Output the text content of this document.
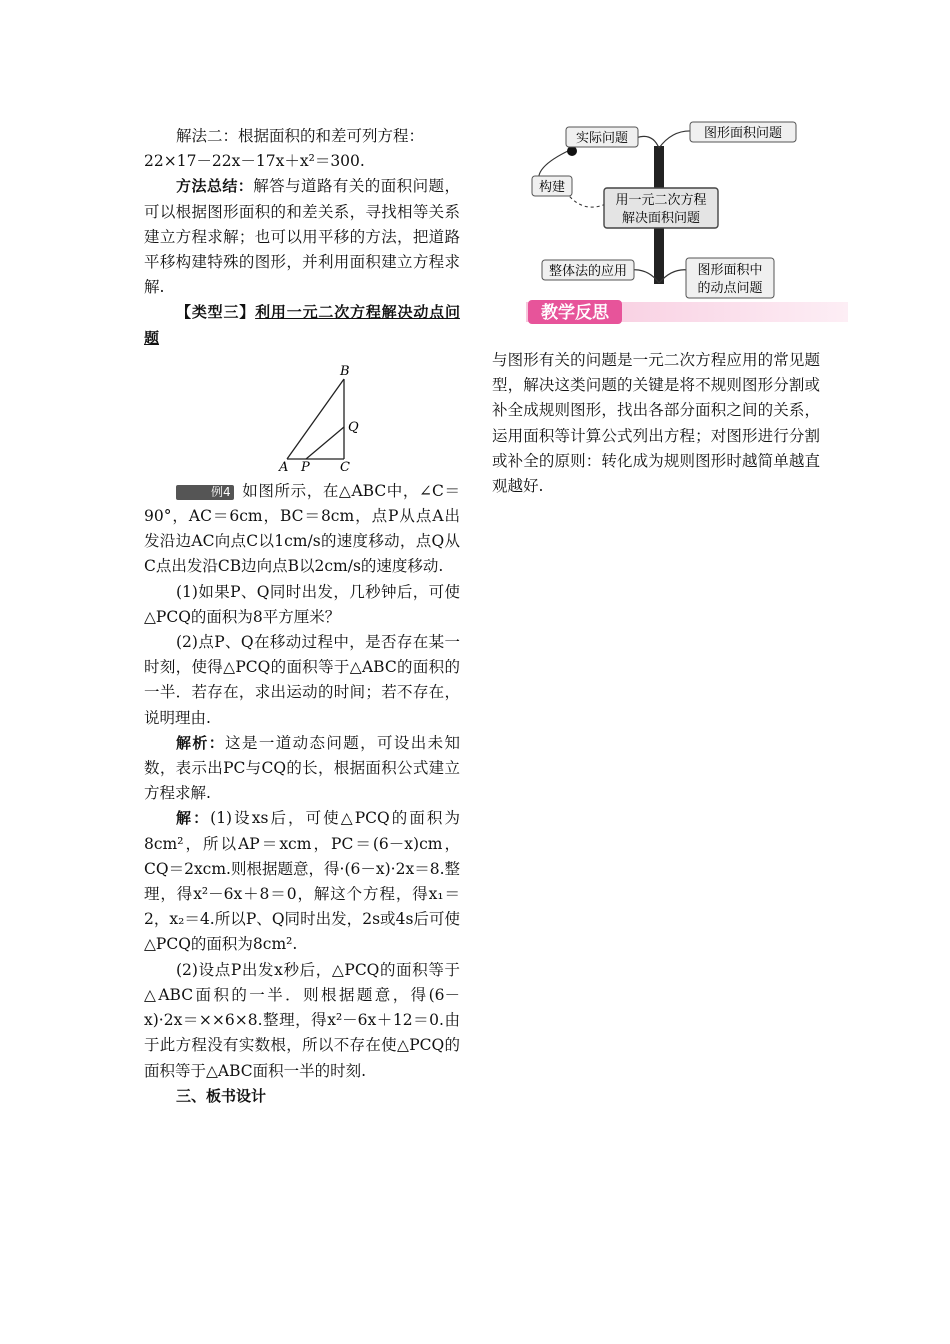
解法二：根据面积的和差可列方程：

22×17－22x－17x＋x²＝300.

方法总结：解答与道路有关的面积问题，可以根据图形面积的和差关系，寻找相等关系建立方程求解；也可以用平移的方法，把道路平移构建特殊的图形，并利用面积建立方程求解.

【类型三】利用一元二次方程解决动点问题

A P C
Q
B

例4 如图所示，在△ABC中，∠C＝90°，AC＝6cm，BC＝8cm，点P从点A出发沿边AC向点C以1cm/s的速度移动，点Q从C点出发沿CB边向点B以2cm/s的速度移动.

(1)如果P、Q同时出发，几秒钟后，可使△PCQ的面积为8平方厘米？

(2)点P、Q在移动过程中，是否存在某一时刻，使得△PCQ的面积等于△ABC的面积的一半．若存在，求出运动的时间；若不存在，说明理由.

解析：这是一道动态问题，可设出未知数，表示出PC与CQ的长，根据面积公式建立方程求解.

解：(1)设xs后，可使△PCQ的面积为8cm²，所以AP＝xcm，PC＝(6－x)cm，CQ＝2xcm.则根据题意，得·(6－x)·2x＝8.整理，得x²－6x＋8＝0，解这个方程，得x₁＝2，x₂＝4.所以P、Q同时出发，2s或4s后可使△PCQ的面积为8cm².

(2)设点P出发x秒后，△PCQ的面积等于△ABC面积的一半．则根据题意，得(6－x)·2x＝××6×8.整理，得x²－6x＋12＝0.由于此方程没有实数根，所以不存在使△PCQ的面积等于△ABC面积一半的时刻.

三、板书设计

实际问题	图形面积问题
构建
用一元二次方程
解决面积问题
整体法的应用	图形面积中
的动点问题
教学反思

与图形有关的问题是一元二次方程应用的常见题型，解决这类问题的关键是将不规则图形分割或补全成规则图形，找出各部分面积之间的关系，运用面积等计算公式列出方程；对图形进行分割或补全的原则：转化成为规则图形时越简单越直观越好.
